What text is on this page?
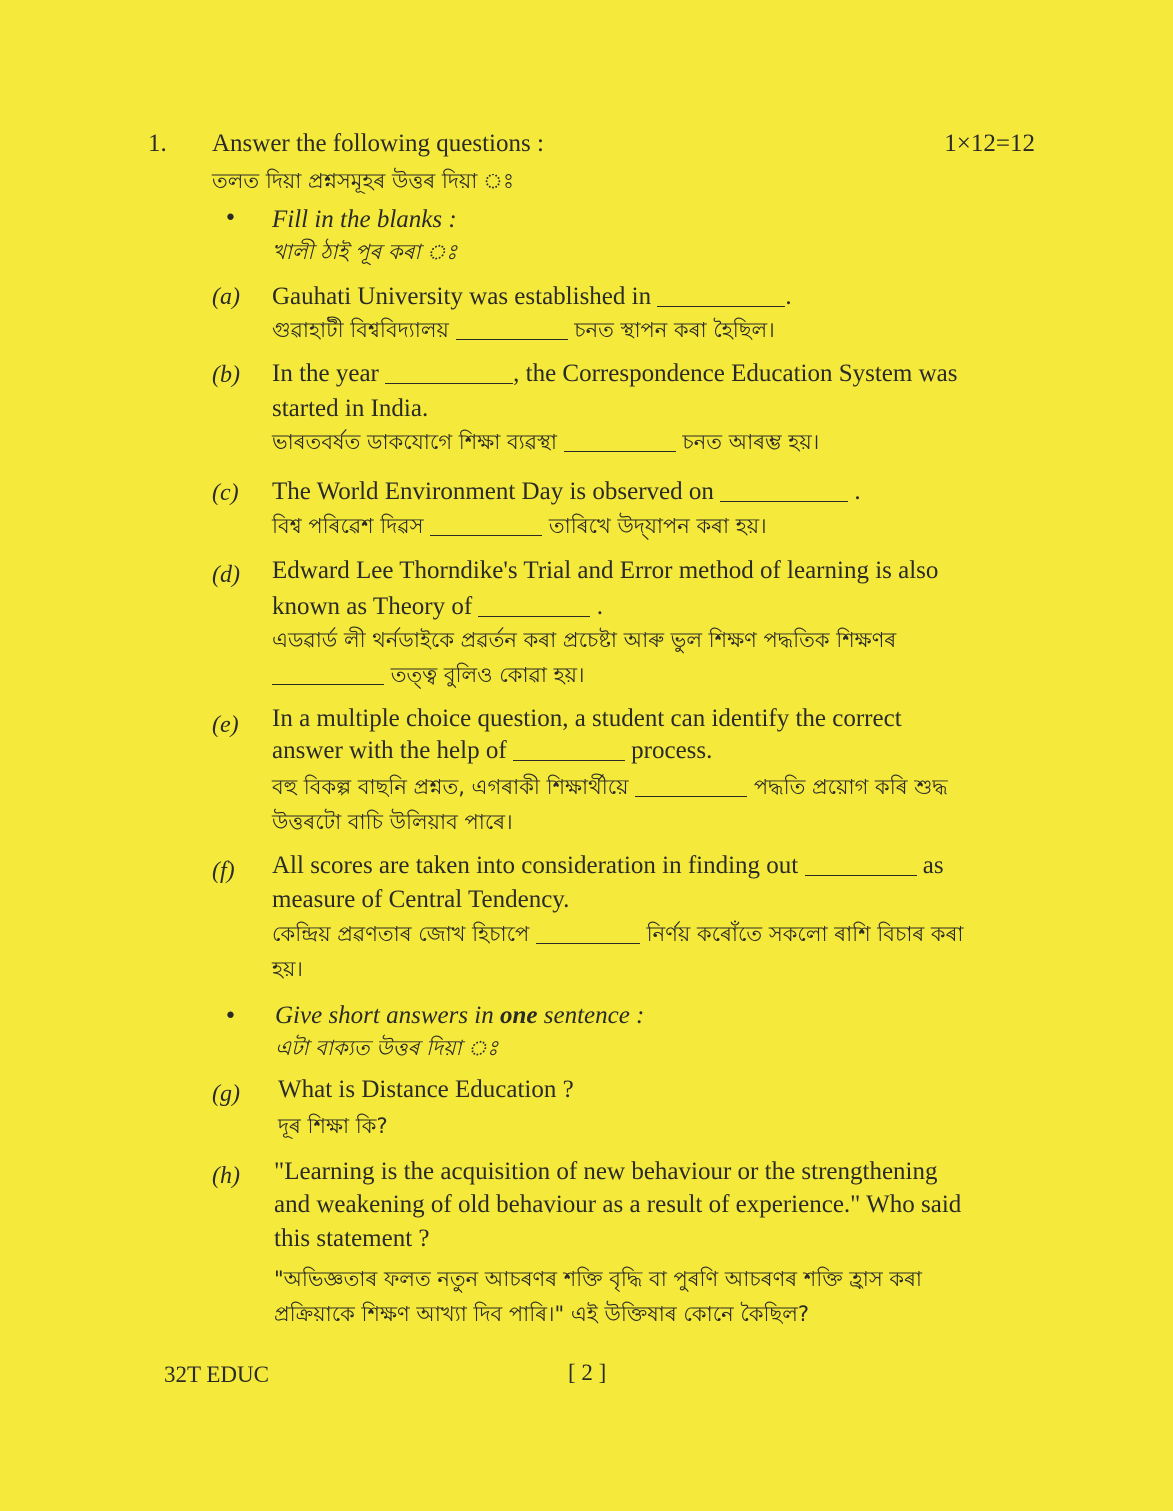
1. Answer the following questions :	1×12=12
তলত দিয়া প্ৰশ্নসমূহৰ উত্তৰ দিয়া ঃ
• Fill in the blanks :
খালী ঠাই পূৰ কৰা ঃ
(a) Gauhati University was established in	.
গুৱাহাটী বিশ্ববিদ্যালয়	চনত স্থাপন কৰা হৈছিল।
(b) In the year	, the Correspondence Education System was
started in India.
ভাৰতবৰ্ষত ডাকযোগে শিক্ষা ব্যৱস্থা	চনত আৰম্ভ হয়।
(c) The World Environment Day is observed on	.
বিশ্ব পৰিৱেশ দিৱস	তাৰিখে উদ্‌যাপন কৰা হয়।
(d) Edward Lee Thorndike's Trial and Error method of learning is also
known as Theory of	.
এডৱাৰ্ড লী থৰ্নডাইকে প্ৰৱৰ্তন কৰা প্ৰচেষ্টা আৰু ভুল শিক্ষণ পদ্ধতিক শিক্ষণৰ
তত্ত্ব বুলিও কোৱা হয়।
(e) In a multiple choice question, a student can identify the correct
answer with the help of	process.
বহু বিকল্প বাছনি প্ৰশ্নত, এগৰাকী শিক্ষাৰ্থীয়ে	পদ্ধতি প্ৰয়োগ কৰি শুদ্ধ
উত্তৰটো বাচি উলিয়াব পাৰে।
(f) All scores are taken into consideration in finding out	as
measure of Central Tendency.
কেন্দ্ৰিয় প্ৰৱণতাৰ জোখ হিচাপে	নিৰ্ণয় কৰোঁতে সকলো ৰাশি বিচাৰ কৰা
হয়।
• Give short answers in one sentence :
এটা বাক্যত উত্তৰ দিয়া ঃ
(g) What is Distance Education ?
দূৰ শিক্ষা কি?
(h) "Learning is the acquisition of new behaviour or the strengthening
and weakening of old behaviour as a result of experience." Who said
this statement ?
"অভিজ্ঞতাৰ ফলত নতুন আচৰণৰ শক্তি বৃদ্ধি বা পুৰণি আচৰণৰ শক্তি হ্ৰাস কৰা
প্ৰক্ৰিয়াকে শিক্ষণ আখ্যা দিব পাৰি।" এই উক্তিষাৰ কোনে কৈছিল?
32T EDUC	[ 2 ]
